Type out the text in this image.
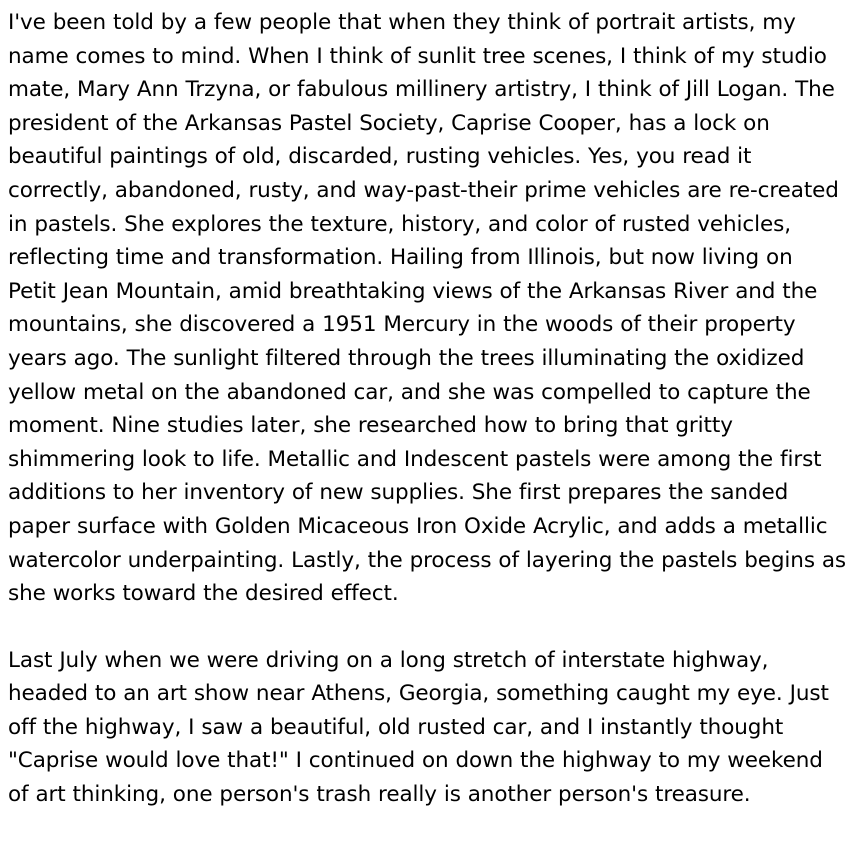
I've been told by a few people that when they think of portrait artists, my name comes to mind. When I think of sunlit tree scenes, I think of my studio mate, Mary Ann Trzyna, or fabulous millinery artistry, I think of Jill Logan. The president of the Arkansas Pastel Society, Caprise Cooper, has a lock on beautiful paintings of old, discarded, rusting vehicles. Yes, you read it correctly, abandoned, rusty, and way-past-their prime vehicles are re-created in pastels. She explores the texture, history, and color of rusted vehicles, reflecting time and transformation. Hailing from Illinois, but now living on Petit Jean Mountain, amid breathtaking views of the Arkansas River and the mountains, she discovered a 1951 Mercury in the woods of their property years ago. The sunlight filtered through the trees illuminating the oxidized yellow metal on the abandoned car, and she was compelled to capture the moment. Nine studies later, she researched how to bring that gritty shimmering look to life. Metallic and Indescent pastels were among the first additions to her inventory of new supplies. She first prepares the sanded paper surface with Golden Micaceous Iron Oxide Acrylic, and adds a metallic watercolor underpainting. Lastly, the process of layering the pastels begins as she works toward the desired effect.

Last July when we were driving on a long stretch of interstate highway, headed to an art show near Athens, Georgia, something caught my eye. Just off the highway, I saw a beautiful, old rusted car, and I instantly thought "Caprise would love that!" I continued on down the highway to my weekend of art thinking, one person's trash really is another person's treasure.
